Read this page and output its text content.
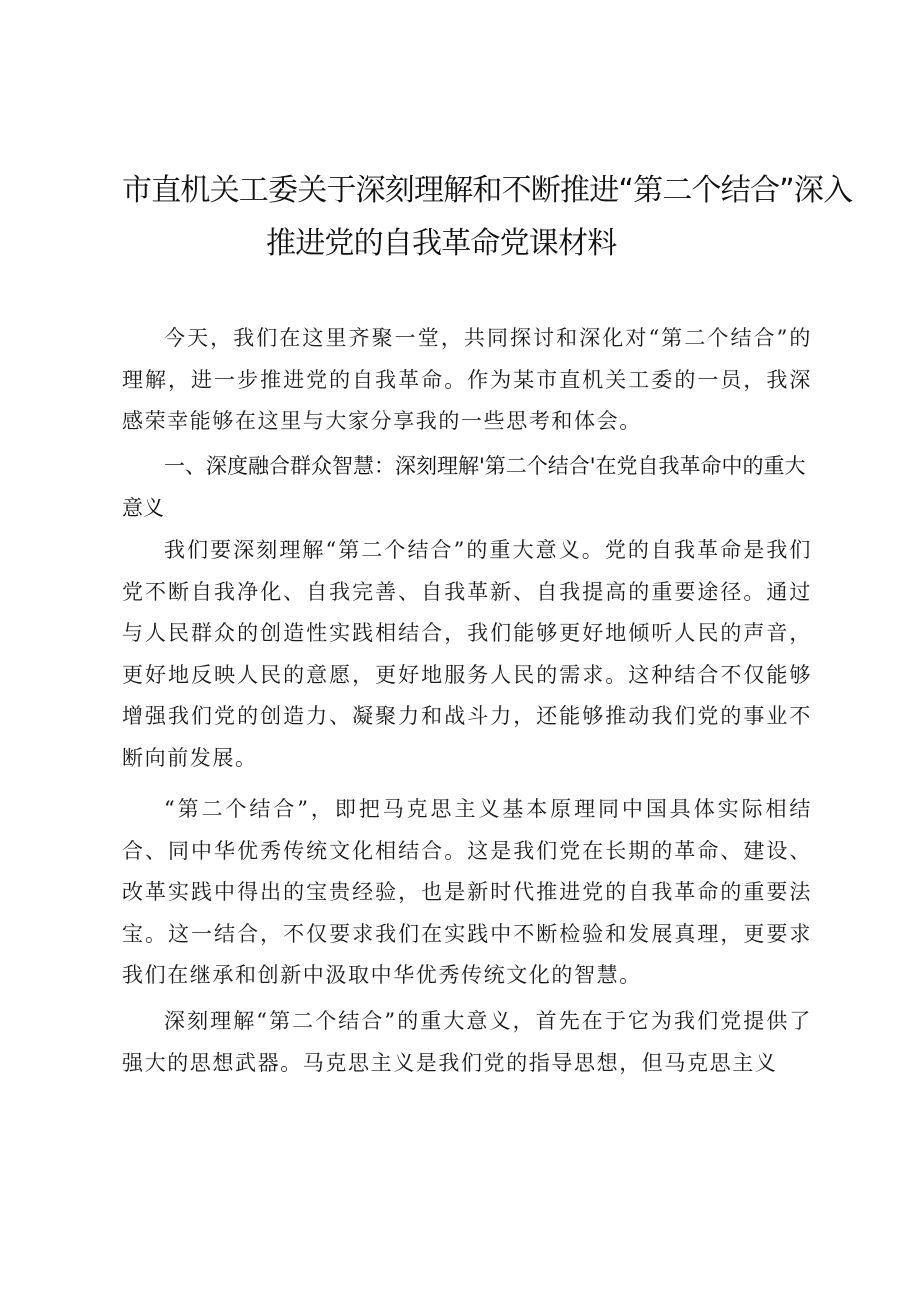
市直机关工委关于深刻理解和不断推进“第二个结合”深入
推进党的自我革命党课材料

今天，我们在这里齐聚一堂，共同探讨和深化对“第二个结合”的理解，进一步推进党的自我革命。作为某市直机关工委的一员，我深感荣幸能够在这里与大家分享我的一些思考和体会。

一、深度融合群众智慧：深刻理解'第二个结合'在党自我革命中的重大意义

我们要深刻理解“第二个结合”的重大意义。党的自我革命是我们党不断自我净化、自我完善、自我革新、自我提高的重要途径。通过与人民群众的创造性实践相结合，我们能够更好地倾听人民的声音，更好地反映人民的意愿，更好地服务人民的需求。这种结合不仅能够增强我们党的创造力、凝聚力和战斗力，还能够推动我们党的事业不断向前发展。

“第二个结合”，即把马克思主义基本原理同中国具体实际相结合、同中华优秀传统文化相结合。这是我们党在长期的革命、建设、改革实践中得出的宝贵经验，也是新时代推进党的自我革命的重要法宝。这一结合，不仅要求我们在实践中不断检验和发展真理，更要求我们在继承和创新中汲取中华优秀传统文化的智慧。

深刻理解“第二个结合”的重大意义，首先在于它为我们党提供了强大的思想武器。马克思主义是我们党的指导思想，但马克思主义
